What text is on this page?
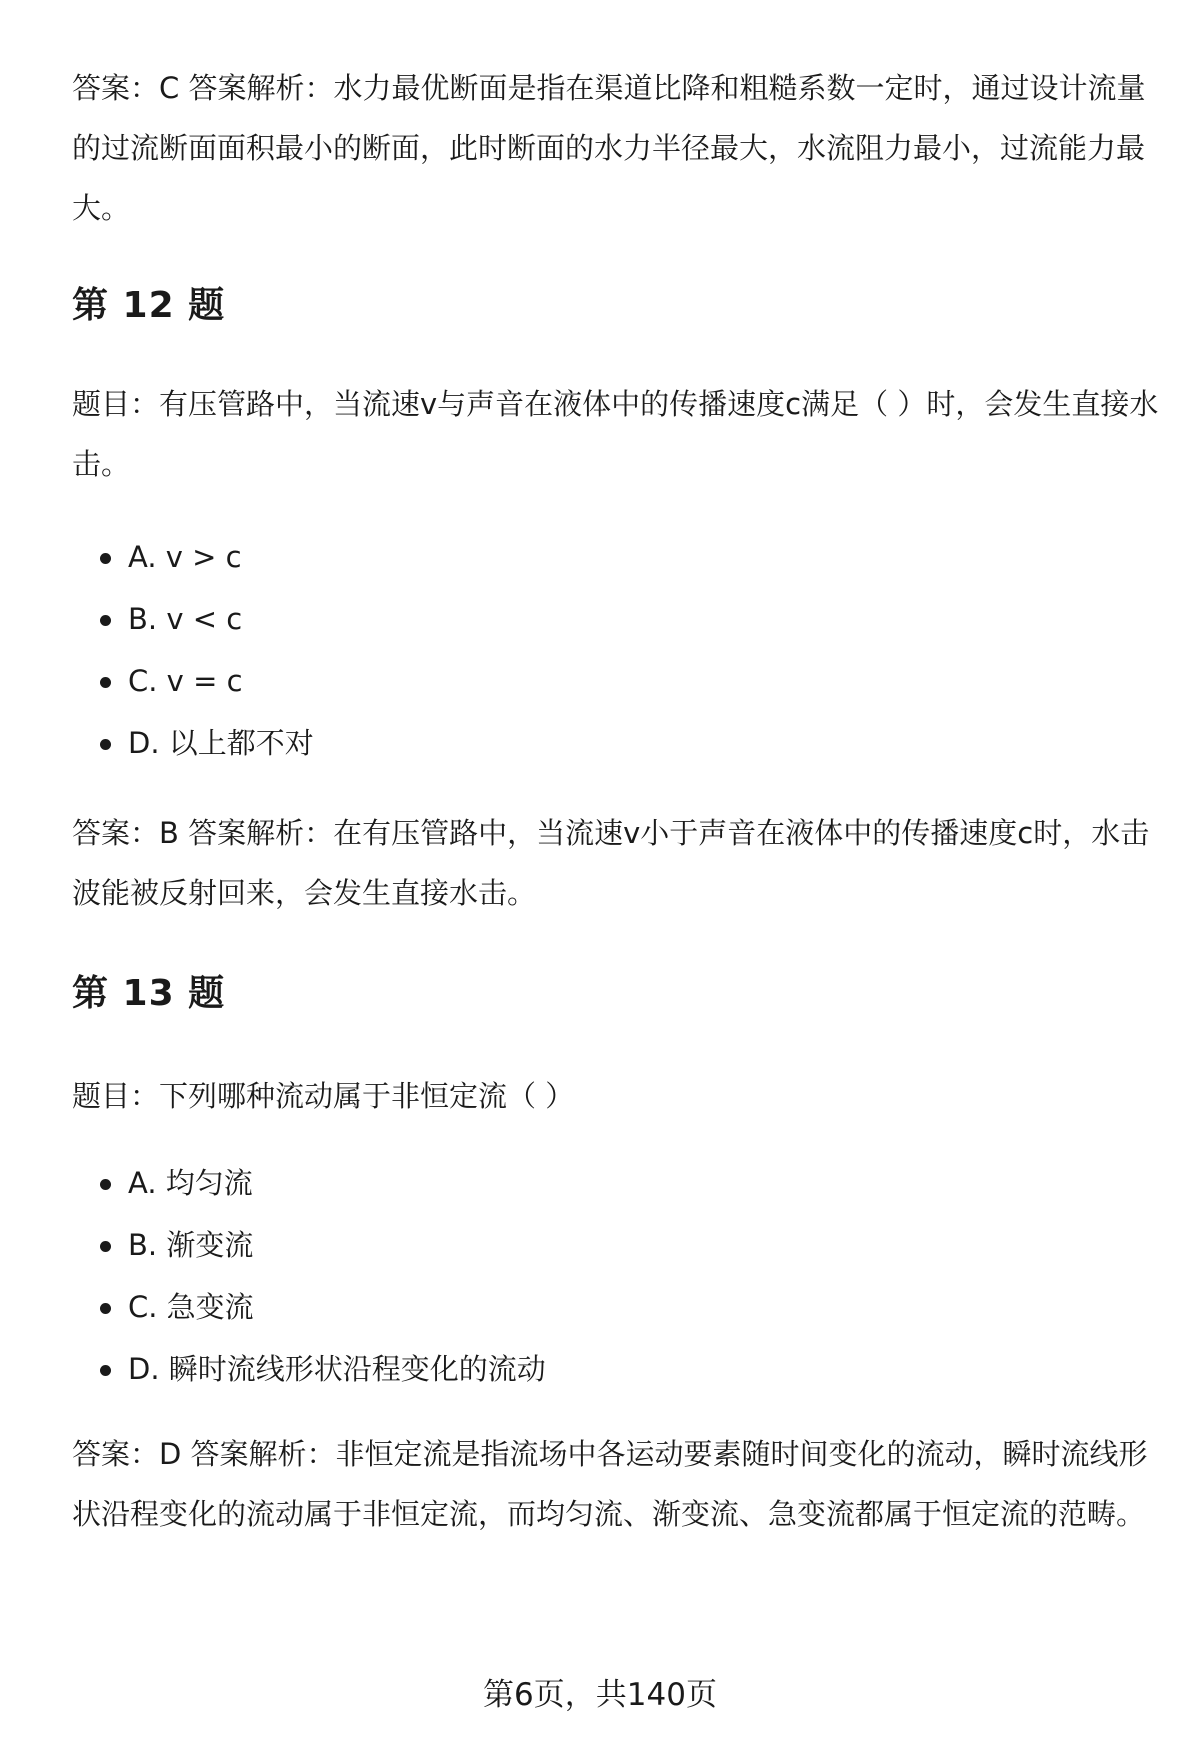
答案：C 答案解析：水力最优断面是指在渠道比降和粗糙系数一定时，通过设计流量的过流断面面积最小的断面，此时断面的水力半径最大，水流阻力最小，过流能力最大。

第 12 题

题目：有压管路中，当流速v与声音在液体中的传播速度c满足（ ）时，会发生直接水击。

A. v > c
B. v < c
C. v = c
D. 以上都不对

答案：B 答案解析：在有压管路中，当流速v小于声音在液体中的传播速度c时，水击波能被反射回来，会发生直接水击。

第 13 题

题目：下列哪种流动属于非恒定流（ ）

A. 均匀流
B. 渐变流
C. 急变流
D. 瞬时流线形状沿程变化的流动

答案：D 答案解析：非恒定流是指流场中各运动要素随时间变化的流动，瞬时流线形状沿程变化的流动属于非恒定流，而均匀流、渐变流、急变流都属于恒定流的范畴。

第6页，共140页
